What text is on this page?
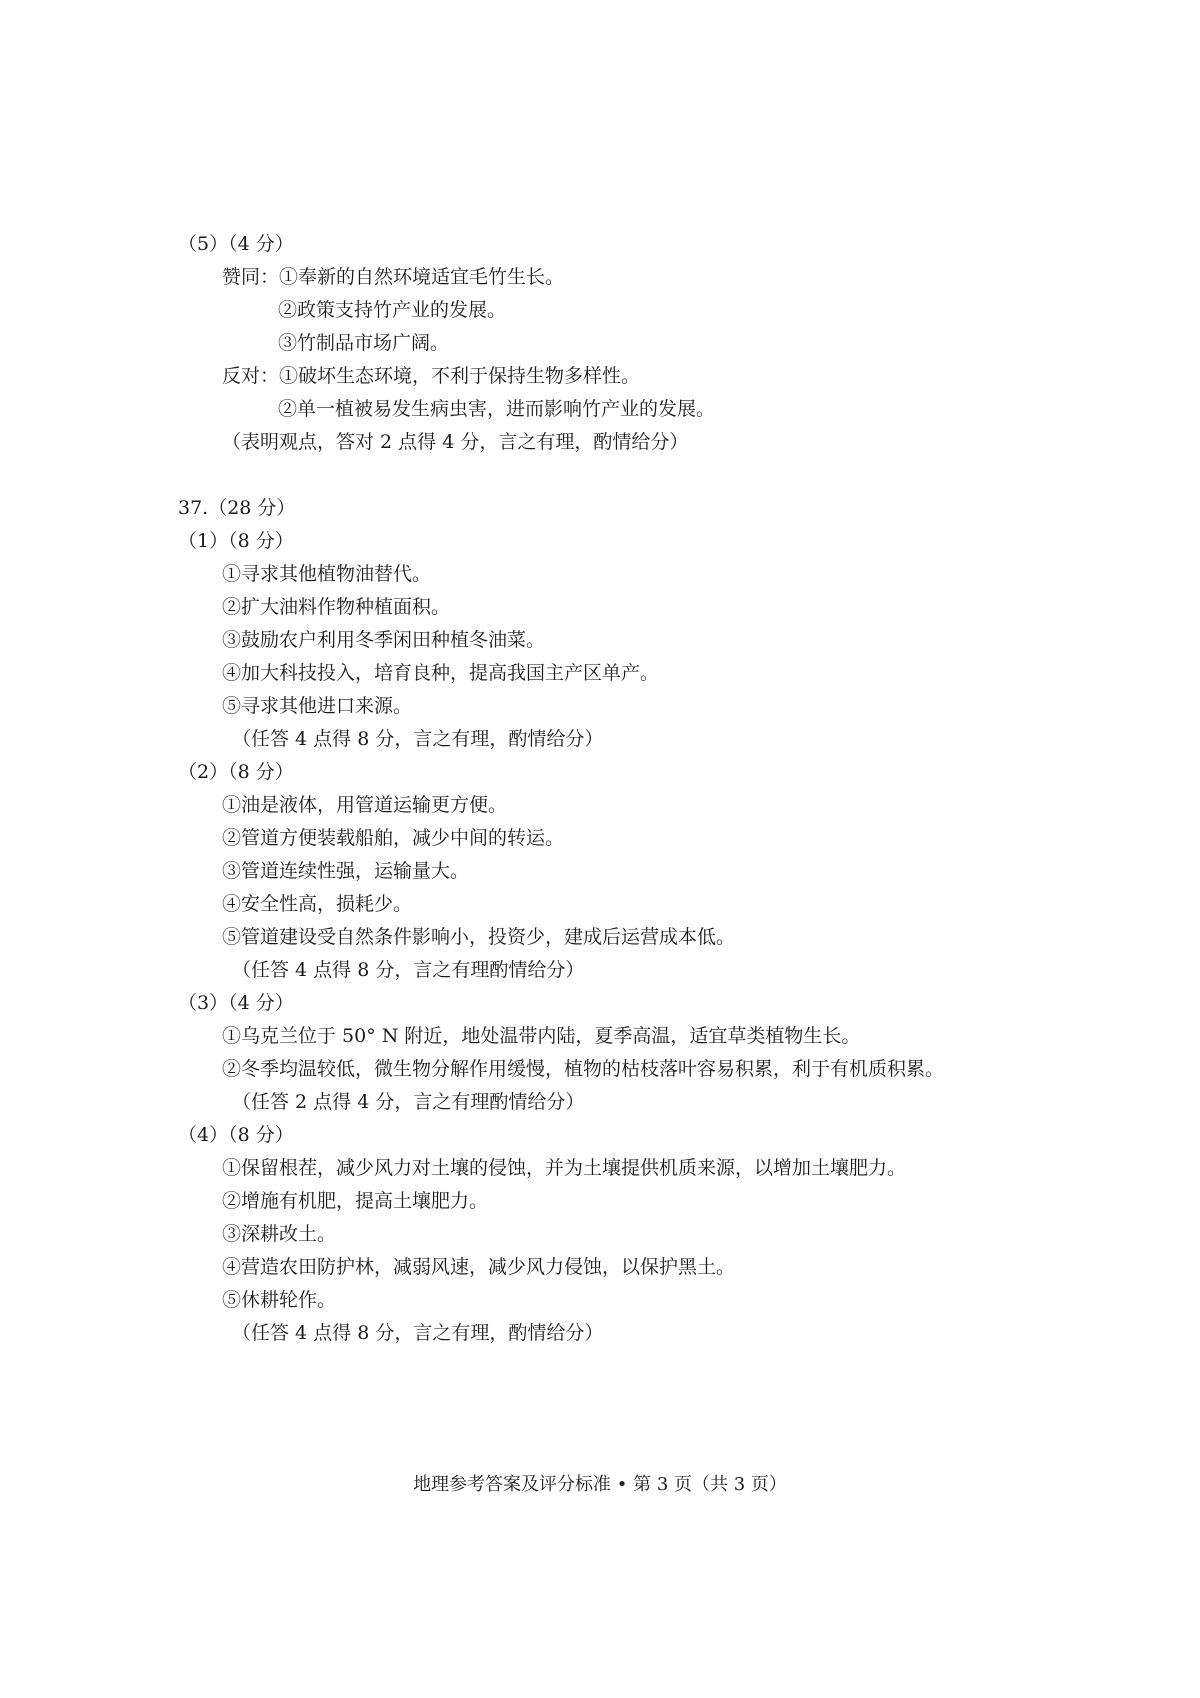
（5）（4 分）
赞同：①奉新的自然环境适宜毛竹生长。
②政策支持竹产业的发展。
③竹制品市场广阔。
反对：①破坏生态环境，不利于保持生物多样性。
②单一植被易发生病虫害，进而影响竹产业的发展。
（表明观点，答对 2 点得 4 分，言之有理，酌情给分）
37.（28 分）
（1）（8 分）
①寻求其他植物油替代。
②扩大油料作物种植面积。
③鼓励农户利用冬季闲田种植冬油菜。
④加大科技投入，培育良种，提高我国主产区单产。
⑤寻求其他进口来源。
（任答 4 点得 8 分，言之有理，酌情给分）
（2）（8 分）
①油是液体，用管道运输更方便。
②管道方便装载船舶，减少中间的转运。
③管道连续性强，运输量大。
④安全性高，损耗少。
⑤管道建设受自然条件影响小，投资少，建成后运营成本低。
（任答 4 点得 8 分，言之有理酌情给分）
（3）（4 分）
①乌克兰位于 50° N 附近，地处温带内陆，夏季高温，适宜草类植物生长。
②冬季均温较低，微生物分解作用缓慢，植物的枯枝落叶容易积累，利于有机质积累。
（任答 2 点得 4 分，言之有理酌情给分）
（4）（8 分）
①保留根茬，减少风力对土壤的侵蚀，并为土壤提供机质来源，以增加土壤肥力。
②增施有机肥，提高土壤肥力。
③深耕改土。
④营造农田防护林，减弱风速，减少风力侵蚀，以保护黑土。
⑤休耕轮作。
（任答 4 点得 8 分，言之有理，酌情给分）
地理参考答案及评分标准 • 第 3 页（共 3 页）
